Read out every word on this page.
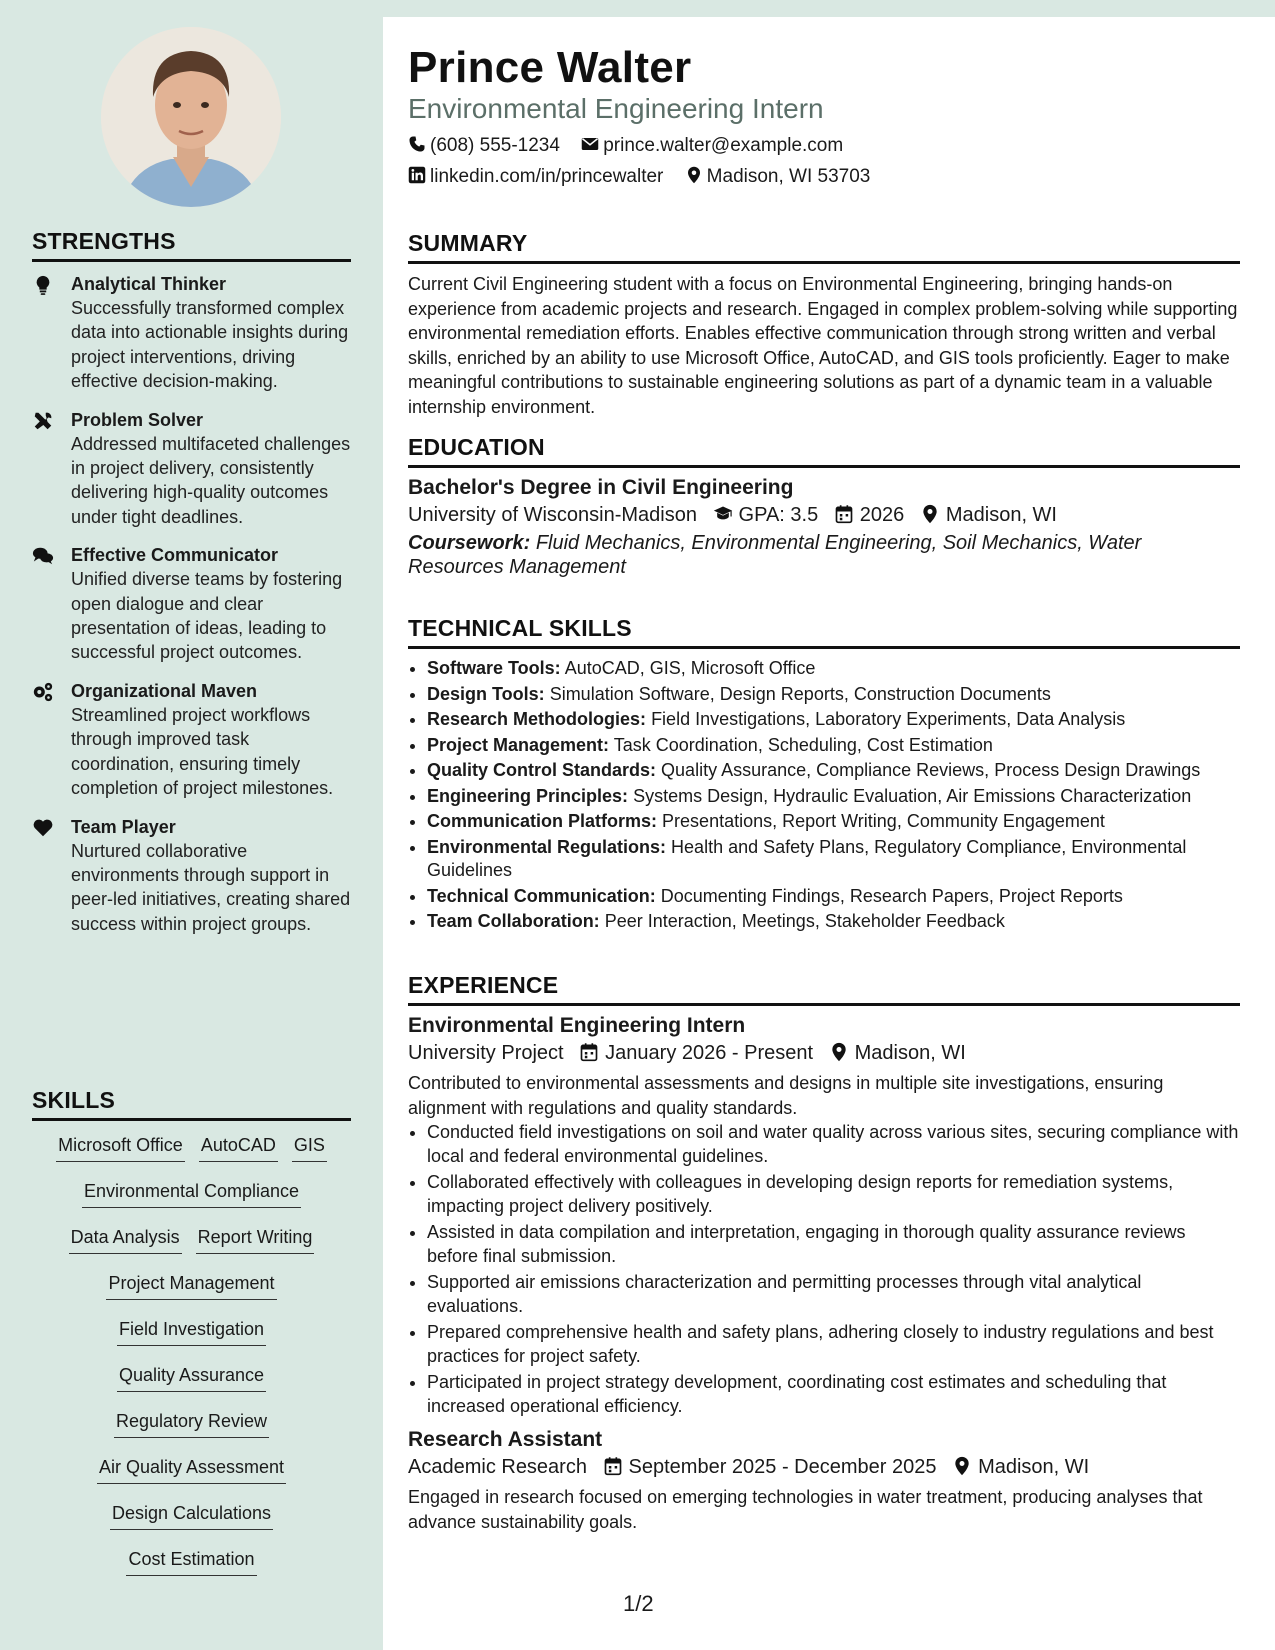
STRENGTHS
Analytical Thinker
Successfully transformed complex data into actionable insights during project interventions, driving effective decision-making.
Problem Solver
Addressed multifaceted challenges in project delivery, consistently delivering high-quality outcomes under tight deadlines.
Effective Communicator
Unified diverse teams by fostering open dialogue and clear presentation of ideas, leading to successful project outcomes.
Organizational Maven
Streamlined project workflows through improved task coordination, ensuring timely completion of project milestones.
Team Player
Nurtured collaborative environments through support in peer-led initiatives, creating shared success within project groups.
SKILLS
Microsoft Office AutoCAD GIS
Environmental Compliance
Data Analysis Report Writing
Project Management
Field Investigation
Quality Assurance
Regulatory Review
Air Quality Assessment
Design Calculations
Cost Estimation
Prince Walter
Environmental Engineering Intern
(608) 555-1234 prince.walter@example.com
linkedin.com/in/princewalter Madison, WI 53703
SUMMARY

Current Civil Engineering student with a focus on Environmental Engineering, bringing hands-on experience from academic projects and research. Engaged in complex problem-solving while supporting environmental remediation efforts. Enables effective communication through strong written and verbal skills, enriched by an ability to use Microsoft Office, AutoCAD, and GIS tools proficiently. Eager to make meaningful contributions to sustainable engineering solutions as part of a dynamic team in a valuable internship environment.

EDUCATION
Bachelor's Degree in Civil Engineering
University of Wisconsin-Madison GPA: 3.5 2026 Madison, WI
Coursework: Fluid Mechanics, Environmental Engineering, Soil Mechanics, Water Resources Management
TECHNICAL SKILLS
• Software Tools: AutoCAD, GIS, Microsoft Office
• Design Tools: Simulation Software, Design Reports, Construction Documents
• Research Methodologies: Field Investigations, Laboratory Experiments, Data Analysis
• Project Management: Task Coordination, Scheduling, Cost Estimation
• Quality Control Standards: Quality Assurance, Compliance Reviews, Process Design Drawings
• Engineering Principles: Systems Design, Hydraulic Evaluation, Air Emissions Characterization
• Communication Platforms: Presentations, Report Writing, Community Engagement
• Environmental Regulations: Health and Safety Plans, Regulatory Compliance, Environmental Guidelines
• Technical Communication: Documenting Findings, Research Papers, Project Reports
• Team Collaboration: Peer Interaction, Meetings, Stakeholder Feedback
EXPERIENCE
Environmental Engineering Intern
University Project January 2026 - Present Madison, WI

Contributed to environmental assessments and designs in multiple site investigations, ensuring alignment with regulations and quality standards.

• Conducted field investigations on soil and water quality across various sites, securing compliance with local and federal environmental guidelines.
• Collaborated effectively with colleagues in developing design reports for remediation systems, impacting project delivery positively.
• Assisted in data compilation and interpretation, engaging in thorough quality assurance reviews before final submission.
• Supported air emissions characterization and permitting processes through vital analytical evaluations.
• Prepared comprehensive health and safety plans, adhering closely to industry regulations and best practices for project safety.
• Participated in project strategy development, coordinating cost estimates and scheduling that increased operational efficiency.
Research Assistant
Academic Research September 2025 - December 2025 Madison, WI

Engaged in research focused on emerging technologies in water treatment, producing analyses that advance sustainability goals.

1/2
